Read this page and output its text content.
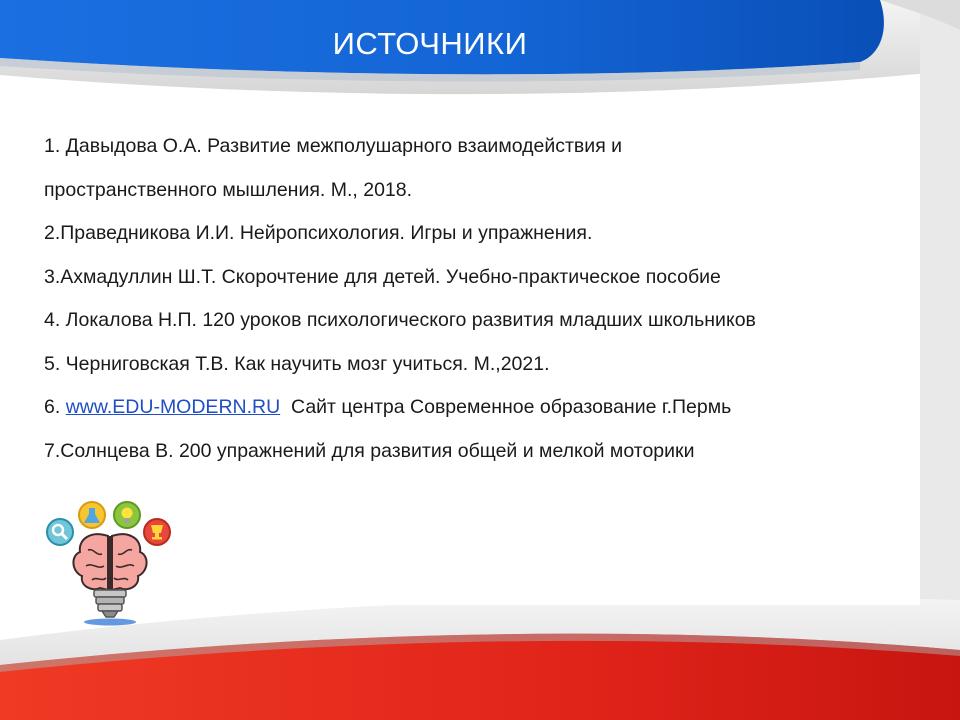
ИСТОЧНИКИ
1. Давыдова О.А. Развитие межполушарного взаимодействия и
пространственного мышления. М., 2018.
2.Праведникова И.И. Нейропсихология. Игры и упражнения.
3.Ахмадуллин Ш.Т. Скорочтение для детей. Учебно-практическое пособие
4. Локалова Н.П. 120 уроков психологического развития младших школьников
5. Черниговская Т.В. Как научить мозг учиться. М.,2021.
6. www.EDU-MODERN.RU  Сайт центра Современное образование г.Пермь
7.Солнцева В. 200 упражнений для развития общей и мелкой моторики
